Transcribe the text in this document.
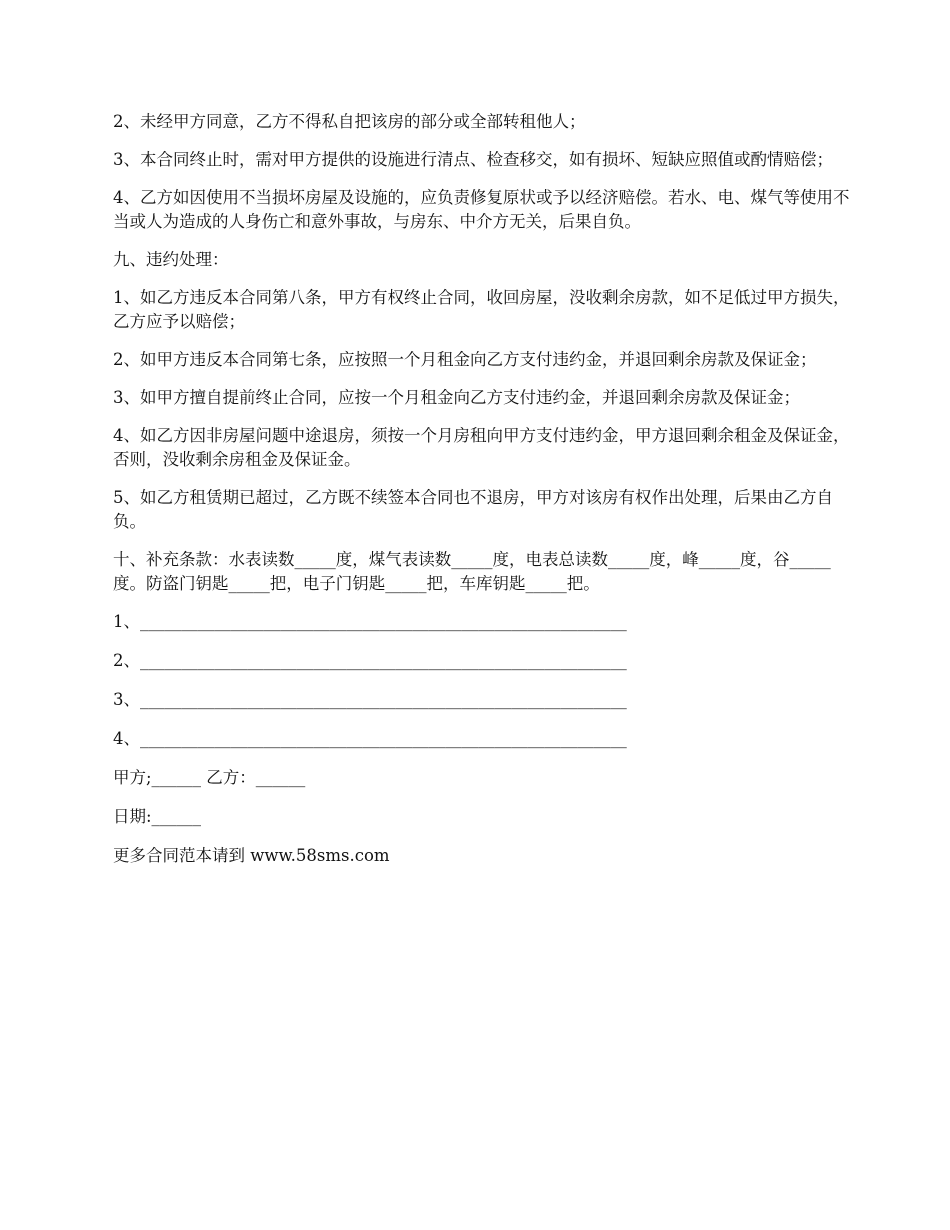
2、未经甲方同意，乙方不得私自把该房的部分或全部转租他人；

3、本合同终止时，需对甲方提供的设施进行清点、检查移交，如有损坏、短缺应照值或酌情赔偿；

4、乙方如因使用不当损坏房屋及设施的，应负责修复原状或予以经济赔偿。若水、电、煤气等使用不当或人为造成的人身伤亡和意外事故，与房东、中介方无关，后果自负。

九、违约处理：

1、如乙方违反本合同第八条，甲方有权终止合同，收回房屋，没收剩余房款，如不足低过甲方损失，乙方应予以赔偿；

2、如甲方违反本合同第七条，应按照一个月租金向乙方支付违约金，并退回剩余房款及保证金；

3、如甲方擅自提前终止合同，应按一个月租金向乙方支付违约金，并退回剩余房款及保证金；

4、如乙方因非房屋问题中途退房，须按一个月房租向甲方支付违约金，甲方退回剩余租金及保证金，否则，没收剩余房租金及保证金。

5、如乙方租赁期已超过，乙方既不续签本合同也不退房，甲方对该房有权作出处理，后果由乙方自负。

十、补充条款：水表读数_____度，煤气表读数_____度，电表总读数_____度，峰_____度，谷_____度。防盗门钥匙_____把，电子门钥匙_____把，车库钥匙_____把。

1、___________________________________________________________

2、___________________________________________________________

3、___________________________________________________________

4、___________________________________________________________

甲方;______ 乙方：______

日期:______

更多合同范本请到 www.58sms.com
